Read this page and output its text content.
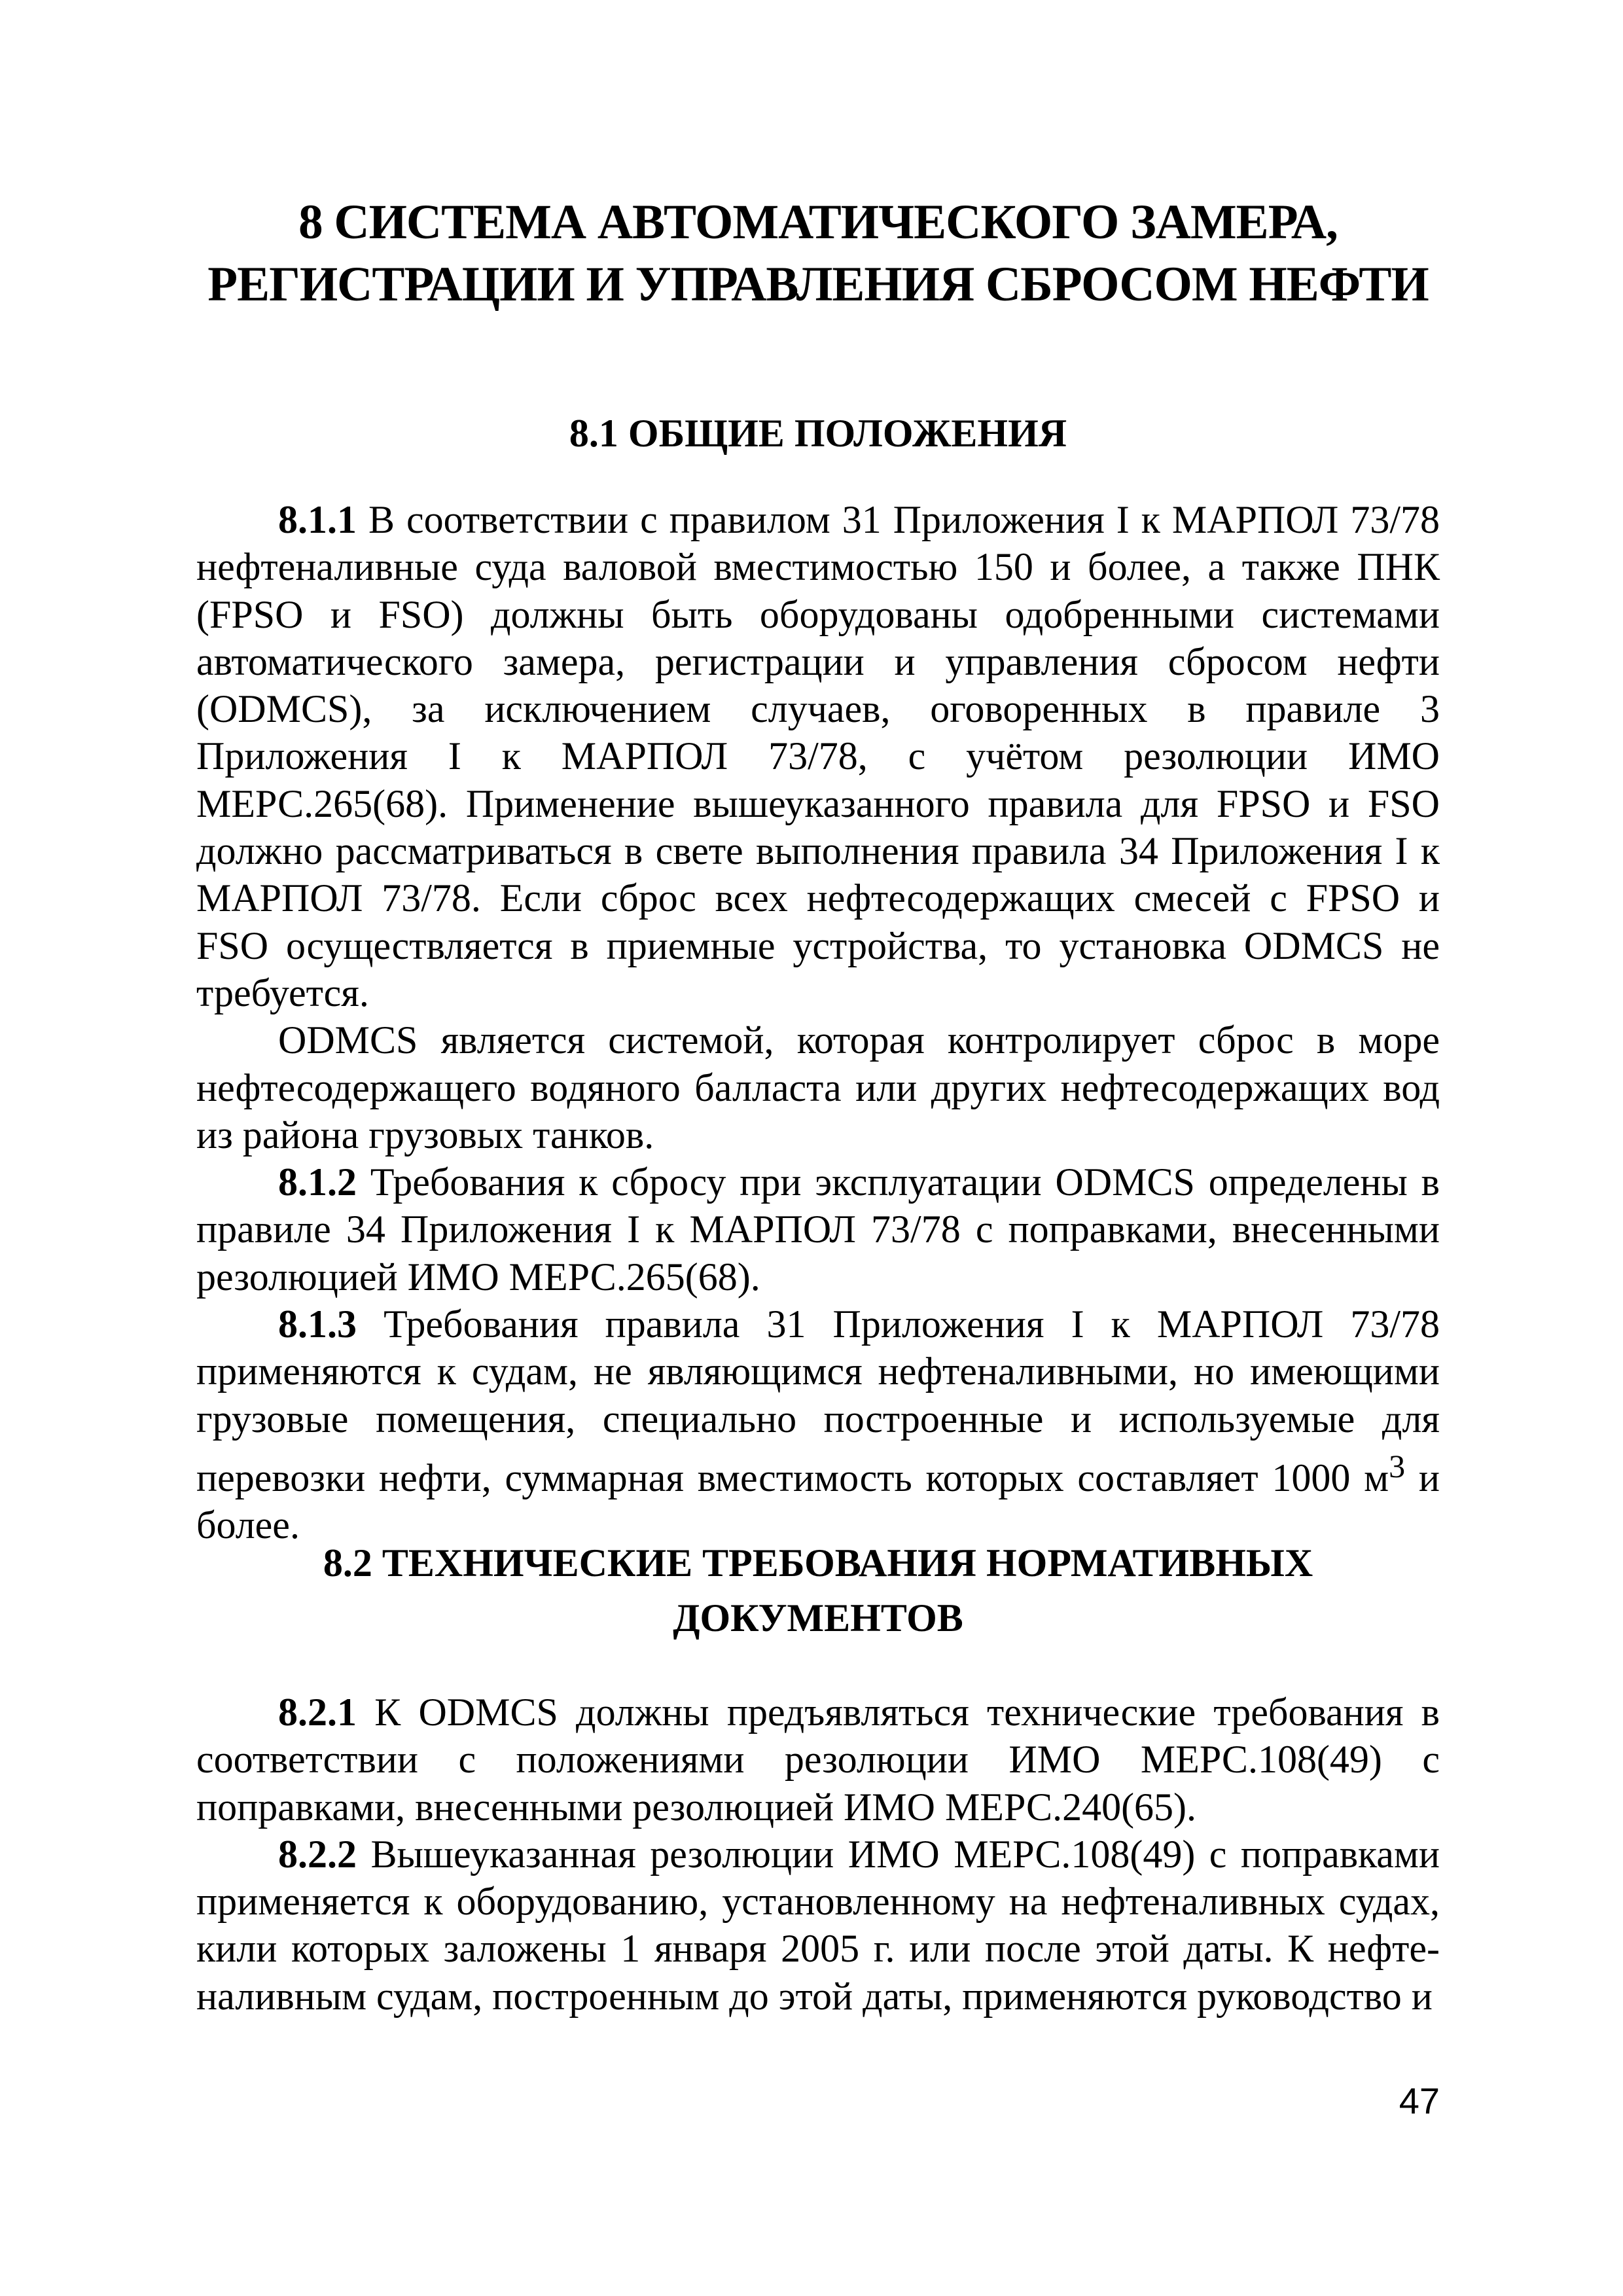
8 СИСТЕМА АВТОМАТИЧЕСКОГО ЗАМЕРА,
РЕГИСТРАЦИИ И УПРАВЛЕНИЯ СБРОСОМ НЕФТИ
8.1 ОБЩИЕ ПОЛОЖЕНИЯ

8.1.1 В соответствии с правилом 31 Приложения I к МАРПОЛ 73/78 нефтеналивные суда валовой вместимостью 150 и более, а также ПНК (FPSO и FSO) должны быть оборудованы одобренными системами автоматического замера, регистрации и управления сбросом нефти (ODMCS), за исключением случаев, оговоренных в правиле 3 Приложения I к МАРПОЛ 73/78, с учётом резолюции ИМО МЕРС.265(68). Применение вышеуказанного правила для FPSO и FSO должно рассматриваться в свете выполнения правила 34 Приложения I к МАРПОЛ 73/78. Если сброс всех нефтесодержащих смесей с FPSO и FSO осуществляется в приемные устройства, то установка ODMCS не требуется.

ODMCS является системой, которая контролирует сброс в море нефтесодержащего водяного балласта или других нефтесодержащих вод из района грузовых танков.

8.1.2 Требования к сбросу при эксплуатации ODMCS определены в правиле 34 Приложения I к МАРПОЛ 73/78 с поправками, внесенными резолюцией ИМО МЕРС.265(68).

8.1.3 Требования правила 31 Приложения I к МАРПОЛ 73/78 применяются к судам, не являющимся нефтеналивными, но имеющими грузовые помещения, специально построенные и используемые для перевозки нефти, суммарная вместимость которых составляет 1000 $м^3$ и более.

8.2 ТЕХНИЧЕСКИЕ ТРЕБОВАНИЯ НОРМАТИВНЫХ
ДОКУМЕНТОВ

8.2.1 К ODMCS должны предъявляться технические требования в соответствии с положениями резолюции ИМО МЕРС.108(49) с поправками, внесенными резолюцией ИМО МЕРС.240(65).

8.2.2 Вышеуказанная резолюции ИМО МЕРС.108(49) с поправками применяется к оборудованию, установленному на нефтеналивных судах, кили которых заложены 1 января 2005 г. или после этой даты. К нефтеналивным судам, построенным до этой даты, применяются руководство и

47
